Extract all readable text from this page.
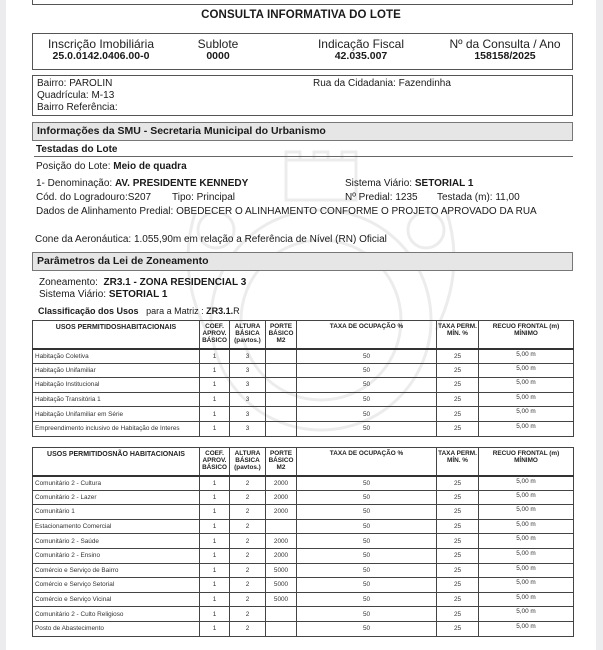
CONSULTA INFORMATIVA DO LOTE
Inscrição Imobiliária
25.0.0142.0406.00-0
Sublote
0000
Indicação Fiscal
42.035.007
Nº da Consulta / Ano
158158/2025
Bairro: PAROLIN
Quadrícula: M-13
Bairro Referência:
Rua da Cidadania: Fazendinha
Informações da SMU - Secretaria Municipal do Urbanismo
Testadas do Lote
Posição do Lote: Meio de quadra
1- Denominação: AV. PRESIDENTE KENNEDY	Sistema Viário: SETORIAL 1
Cód. do Logradouro:S207 Tipo: Principal	Nº Predial: 1235 Testada (m): 11,00
Dados de Alinhamento Predial: OBEDECER O ALINHAMENTO CONFORME O PROJETO APROVADO DA RUA
Cone da Aeronáutica: 1.055,90m em relação a Referência de Nível (RN) Oficial
Parâmetros da Lei de Zoneamento
Zoneamento: ZR3.1 - ZONA RESIDENCIAL 3
Sistema Viário: SETORIAL 1
Classificação dos Usos para a Matriz : ZR3.1.R
USOS PERMITIDOSHABITACIONAIS	COEF. APROV. BÁSICO	ALTURA BÁSICA (pavtos.)	PORTE BÁSICO M2	TAXA DE OCUPAÇÃO %	TAXA PERM. MÍN. %	RECUO FRONTAL (m) MÍNIMO
Habitação Coletiva	1	3		50	25	5,00 m
Habitação Unifamiliar	1	3		50	25	5,00 m
Habitação Institucional	1	3		50	25	5,00 m
Habitação Transitória 1	1	3		50	25	5,00 m
Habitação Unifamiliar em Série	1	3		50	25	5,00 m
Empreendimento inclusivo de Habitação de Interes	1	3		50	25	5,00 m
USOS PERMITIDOSNÃO HABITACIONAIS	COEF. APROV. BÁSICO	ALTURA BÁSICA (pavtos.)	PORTE BÁSICO M2	TAXA DE OCUPAÇÃO %	TAXA PERM. MÍN. %	RECUO FRONTAL (m) MÍNIMO
Comunitário 2 - Cultura	1	2	2000	50	25	5,00 m
Comunitário 2 - Lazer	1	2	2000	50	25	5,00 m
Comunitário 1	1	2	2000	50	25	5,00 m
Estacionamento Comercial	1	2		50	25	5,00 m
Comunitário 2 - Saúde	1	2	2000	50	25	5,00 m
Comunitário 2 - Ensino	1	2	2000	50	25	5,00 m
Comércio e Serviço de Bairro	1	2	5000	50	25	5,00 m
Comércio e Serviço Setorial	1	2	5000	50	25	5,00 m
Comércio e Serviço Vicinal	1	2	5000	50	25	5,00 m
Comunitário 2 - Culto Religioso	1	2		50	25	5,00 m
Posto de Abastecimento	1	2		50	25	5,00 m
